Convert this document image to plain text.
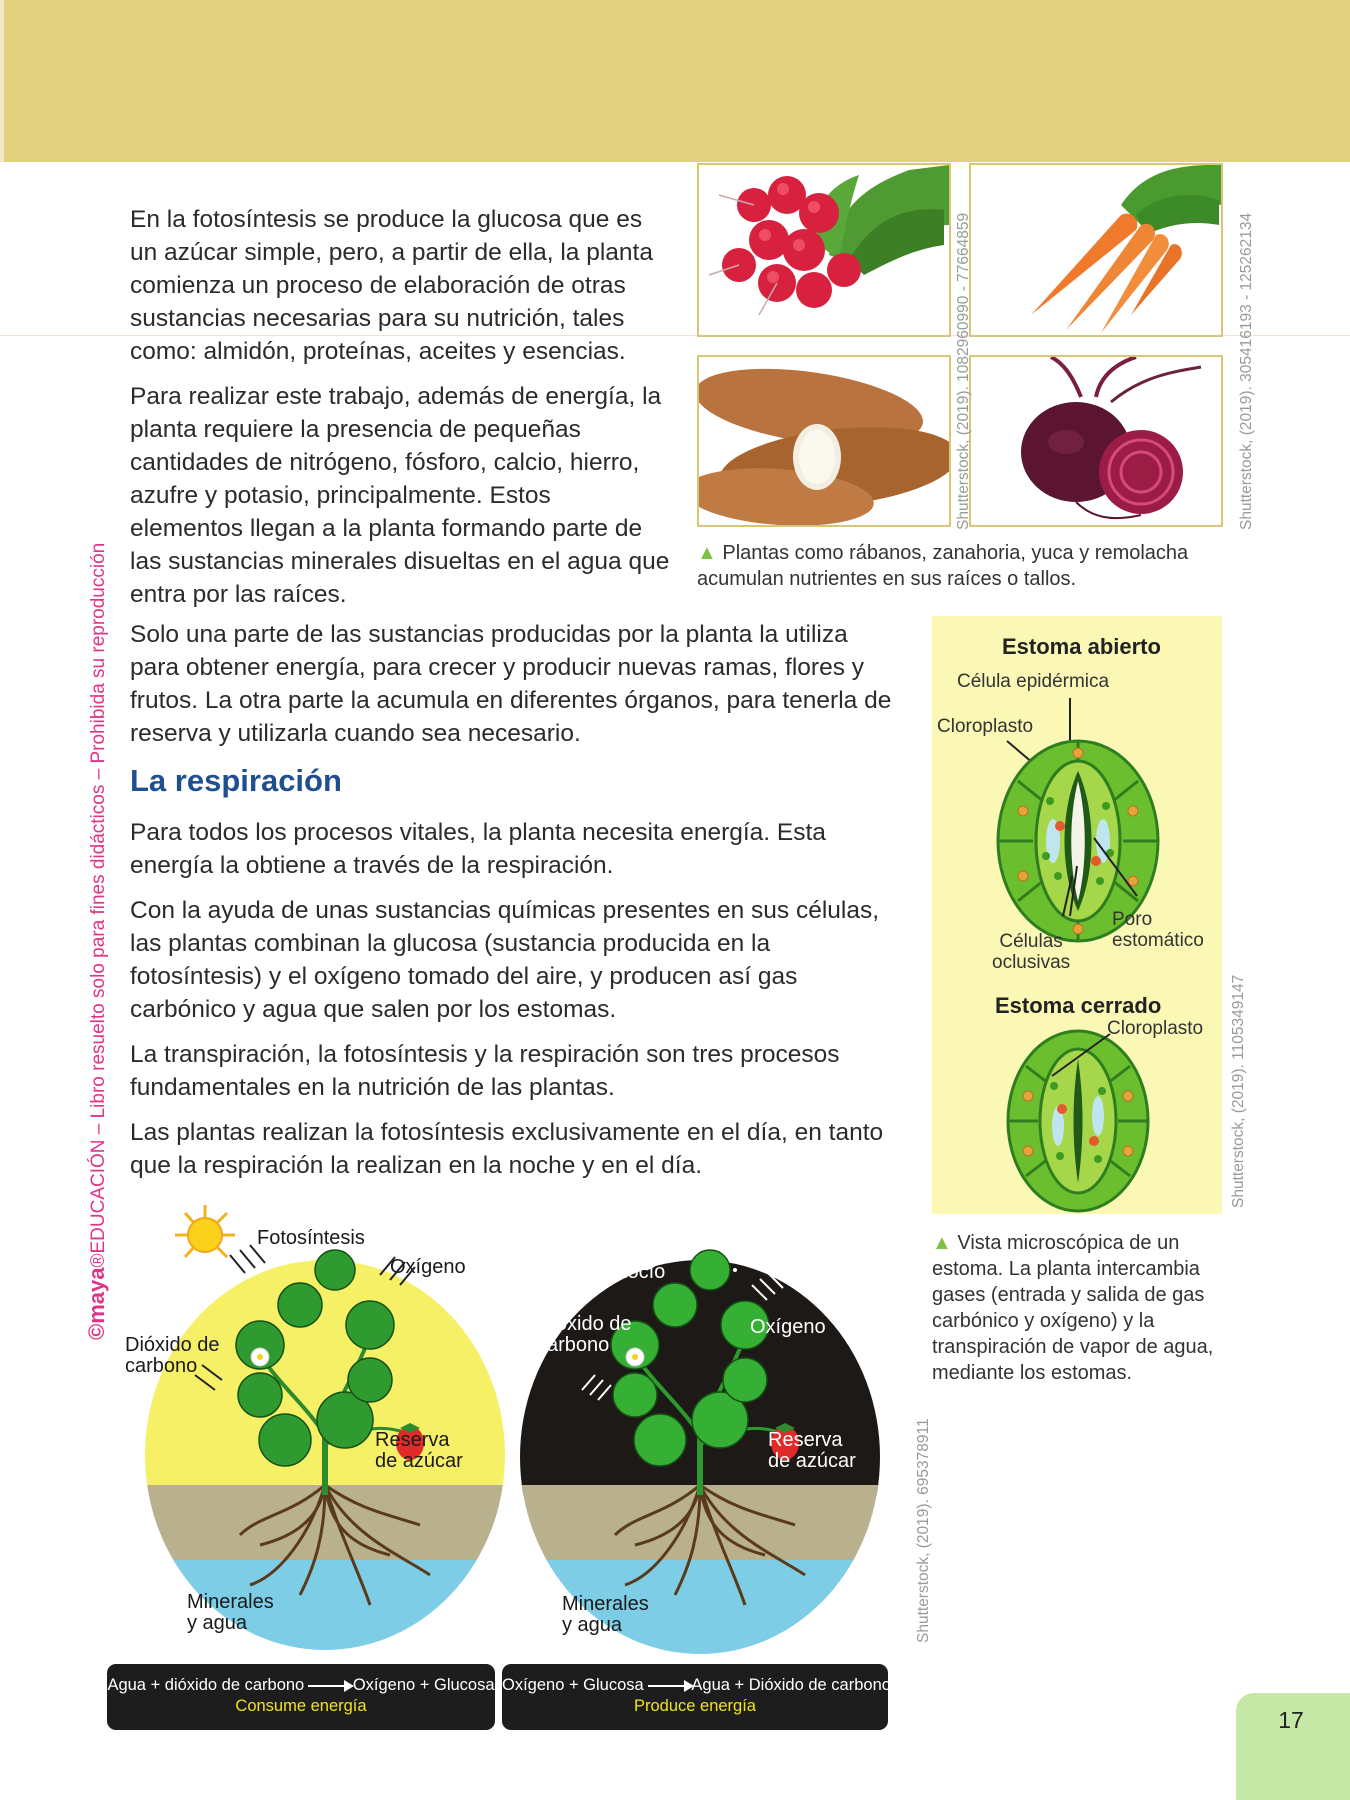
©maya®EDUCACIÓN – Libro resuelto solo para fines didácticos – Prohibida su reproducción

En la fotosíntesis se produce la glucosa que es un azúcar simple, pero, a partir de ella, la planta comienza un proceso de elaboración de otras sustancias necesarias para su nutrición, tales como: almidón, proteínas, aceites y esencias.

Para realizar este trabajo, además de energía, la planta requiere la presencia de pequeñas cantidades de nitrógeno, fósforo, calcio, hierro, azufre y potasio, principalmente. Estos elementos llegan a la planta formando parte de las sustancias minerales disueltas en el agua que entra por las raíces.

Solo una parte de las sustancias producidas por la planta la utiliza para obtener energía, para crecer y producir nuevas ramas, flores y frutos. La otra parte la acumula en diferentes órganos, para tenerla de reserva y utilizarla cuando sea necesario.

La respiración

Para todos los procesos vitales, la planta necesita energía. Esta energía la obtiene a través de la respiración.

Con la ayuda de unas sustancias químicas presentes en sus células, las plantas combinan la glucosa (sustancia producida en la fotosíntesis) y el oxígeno tomado del aire, y producen así gas carbónico y agua que salen por los estomas.

La transpiración, la fotosíntesis y la respiración son tres procesos fundamentales en la nutrición de las plantas.

Las plantas realizan la fotosíntesis exclusivamente en el día, en tanto que la respiración la realizan en la noche y en el día.

Shutterstock, (2019). 1082960990 - 77664859	Shutterstock, (2019). 305416193 - 125262134
▲ Plantas como rábanos, zanahoria, yuca y remolacha acumulan nutrientes en sus raíces o tallos.
Estoma abierto
Célula epidérmica
Cloroplasto
Células
oclusivas
Poro
estomático
Estoma cerrado
Cloroplasto Shutterstock, (2019). 1105349147
▲ Vista microscópica de un estoma. La planta intercambia gases (entrada y salida de gas carbónico y oxígeno) y la transpiración de vapor de agua, mediante los estomas.
Fotosíntesis
Oxígeno
Dióxido de
carbono
Reserva
de azúcar
Minerales
y agua
Respiración
Rocío
Dióxido de
carbono
Oxígeno
Reserva
de azúcar
Minerales
y agua	Shutterstock, (2019). 695378911
Agua + dióxido de carbono	Oxígeno + Glucosa
Consume energía
Oxígeno + Glucosa	Agua + Dióxido de carbono
Produce energía
17
